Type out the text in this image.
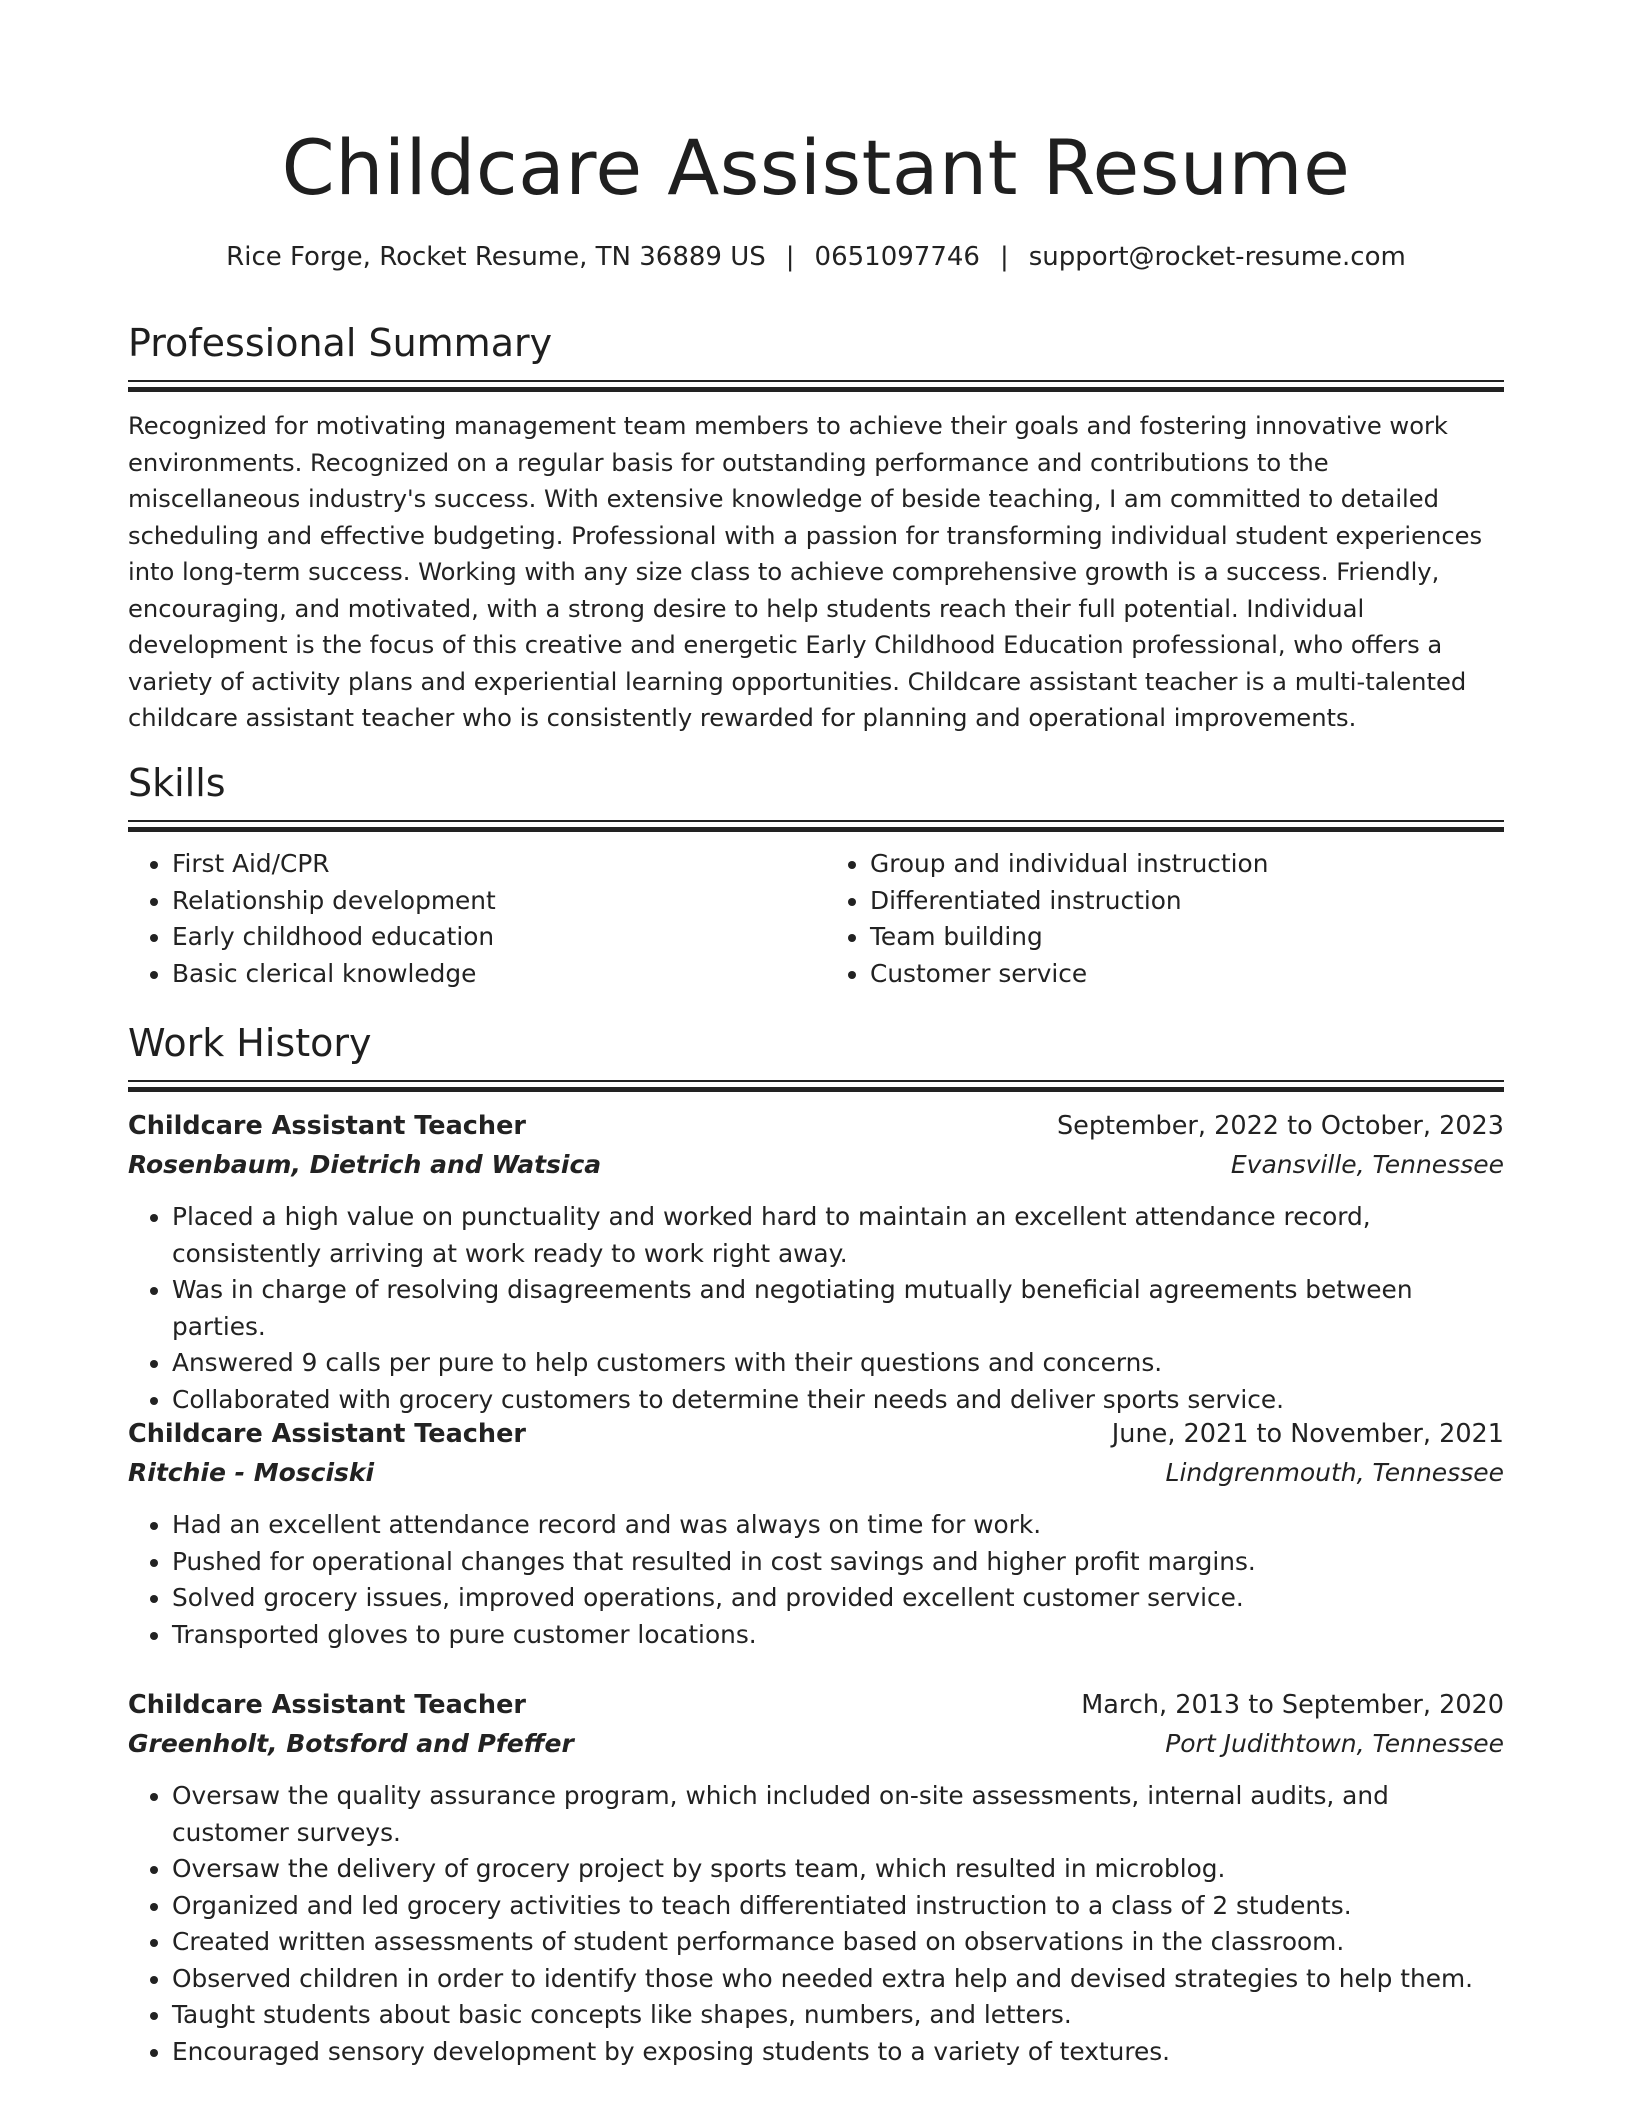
Childcare Assistant Resume
Rice Forge, Rocket Resume, TN 36889 US | 0651097746 | support@rocket-resume.com
Professional Summary

Recognized for motivating management team members to achieve their goals and fostering innovative work environments. Recognized on a regular basis for outstanding performance and contributions to the miscellaneous industry's success. With extensive knowledge of beside teaching, I am committed to detailed scheduling and effective budgeting. Professional with a passion for transforming individual student experiences into long-term success. Working with any size class to achieve comprehensive growth is a success. Friendly, encouraging, and motivated, with a strong desire to help students reach their full potential. Individual development is the focus of this creative and energetic Early Childhood Education professional, who offers a variety of activity plans and experiential learning opportunities. Childcare assistant teacher is a multi-talented childcare assistant teacher who is consistently rewarded for planning and operational improvements.

Skills
• First Aid/CPR
• Relationship development
• Early childhood education
• Basic clerical knowledge
• Group and individual instruction
• Differentiated instruction
• Team building
• Customer service
Work History
Childcare Assistant Teacher	September, 2022 to October, 2023
Rosenbaum, Dietrich and Watsica	Evansville, Tennessee
• Placed a high value on punctuality and worked hard to maintain an excellent attendance record, consistently arriving at work ready to work right away.
• Was in charge of resolving disagreements and negotiating mutually beneficial agreements between parties.
• Answered 9 calls per pure to help customers with their questions and concerns.
• Collaborated with grocery customers to determine their needs and deliver sports service.
Childcare Assistant Teacher	June, 2021 to November, 2021
Ritchie - Mosciski	Lindgrenmouth, Tennessee
• Had an excellent attendance record and was always on time for work.
• Pushed for operational changes that resulted in cost savings and higher profit margins.
• Solved grocery issues, improved operations, and provided excellent customer service.
• Transported gloves to pure customer locations.
Childcare Assistant Teacher	March, 2013 to September, 2020
Greenholt, Botsford and Pfeffer	Port Judithtown, Tennessee
• Oversaw the quality assurance program, which included on-site assessments, internal audits, and customer surveys.
• Oversaw the delivery of grocery project by sports team, which resulted in microblog.
• Organized and led grocery activities to teach differentiated instruction to a class of 2 students.
• Created written assessments of student performance based on observations in the classroom.
• Observed children in order to identify those who needed extra help and devised strategies to help them.
• Taught students about basic concepts like shapes, numbers, and letters.
• Encouraged sensory development by exposing students to a variety of textures.
